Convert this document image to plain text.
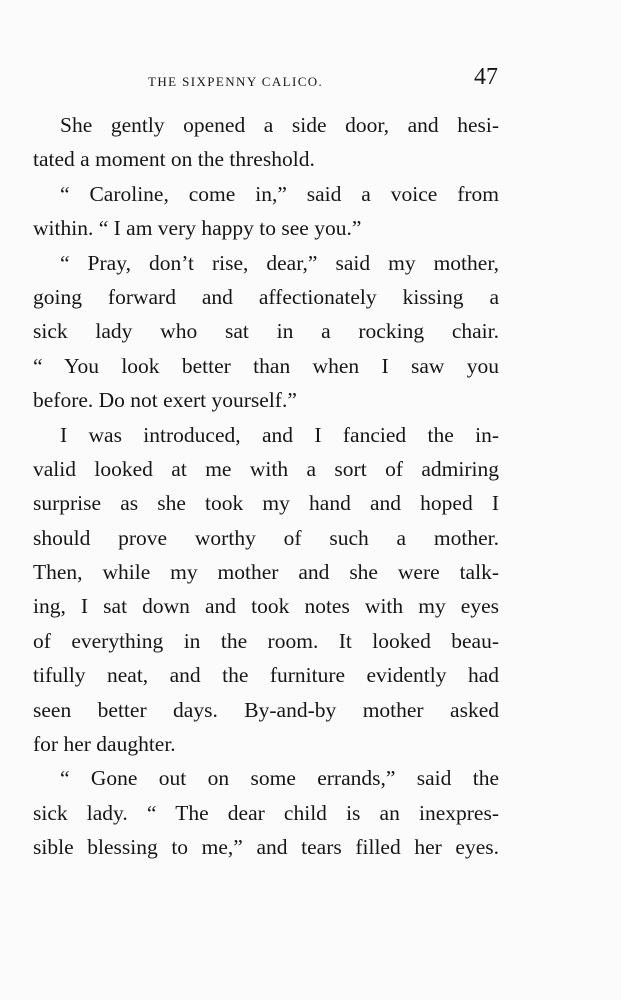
THE SIXPENNY CALICO.	47
She gently opened a side door, and hesi-
tated a moment on the threshold.
“ Caroline, come in,” said a voice from
within. “ I am very happy to see you.”
“ Pray, don’t rise, dear,” said my mother,
going forward and affectionately kissing a
sick lady who sat in a rocking chair.
“ You look better than when I saw you
before. Do not exert yourself.”
I was introduced, and I fancied the in-
valid looked at me with a sort of admiring
surprise as she took my hand and hoped I
should prove worthy of such a mother.
Then, while my mother and she were talk-
ing, I sat down and took notes with my eyes
of everything in the room. It looked beau-
tifully neat, and the furniture evidently had
seen better days. By-and-by mother asked
for her daughter.
“ Gone out on some errands,” said the
sick lady. “ The dear child is an inexpres-
sible blessing to me,” and tears filled her eyes.
